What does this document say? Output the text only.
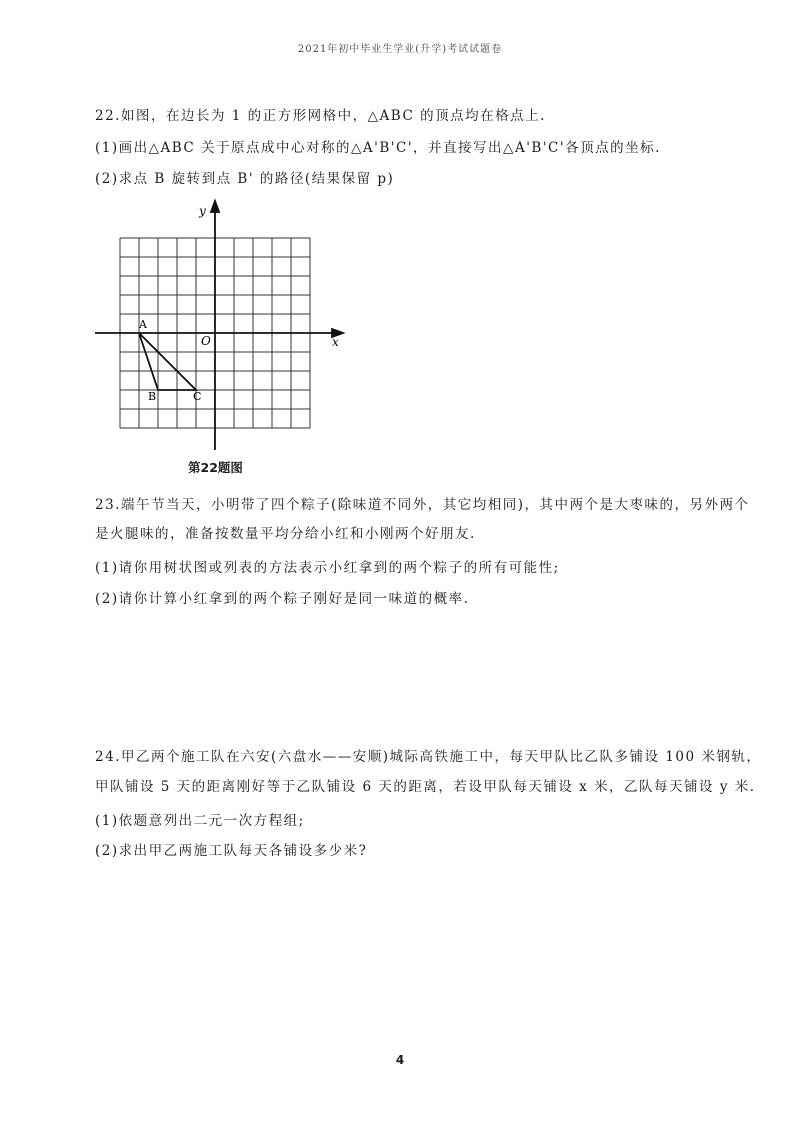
2021年初中毕业生学业(升学)考试试题卷
22.如图，在边长为 1 的正方形网格中，△ABC 的顶点均在格点上.
(1)画出△ABC 关于原点成中心对称的△A'B'C'，并直接写出△A'B'C'各顶点的坐标.
(2)求点 B 旋转到点 B' 的路径(结果保留 p)
x
y
O
A
B	C
第22题图
23.端午节当天，小明带了四个粽子(除味道不同外，其它均相同)，其中两个是大枣味的，另外两个
是火腿味的，准备按数量平均分给小红和小刚两个好朋友.
(1)请你用树状图或列表的方法表示小红拿到的两个粽子的所有可能性;
(2)请你计算小红拿到的两个粽子刚好是同一味道的概率.
24.甲乙两个施工队在六安(六盘水——安顺)城际高铁施工中，每天甲队比乙队多铺设 100 米钢轨，
甲队铺设 5 天的距离刚好等于乙队铺设 6 天的距离，若设甲队每天铺设 x 米，乙队每天铺设 y 米.
(1)依题意列出二元一次方程组;
(2)求出甲乙两施工队每天各铺设多少米?
4
